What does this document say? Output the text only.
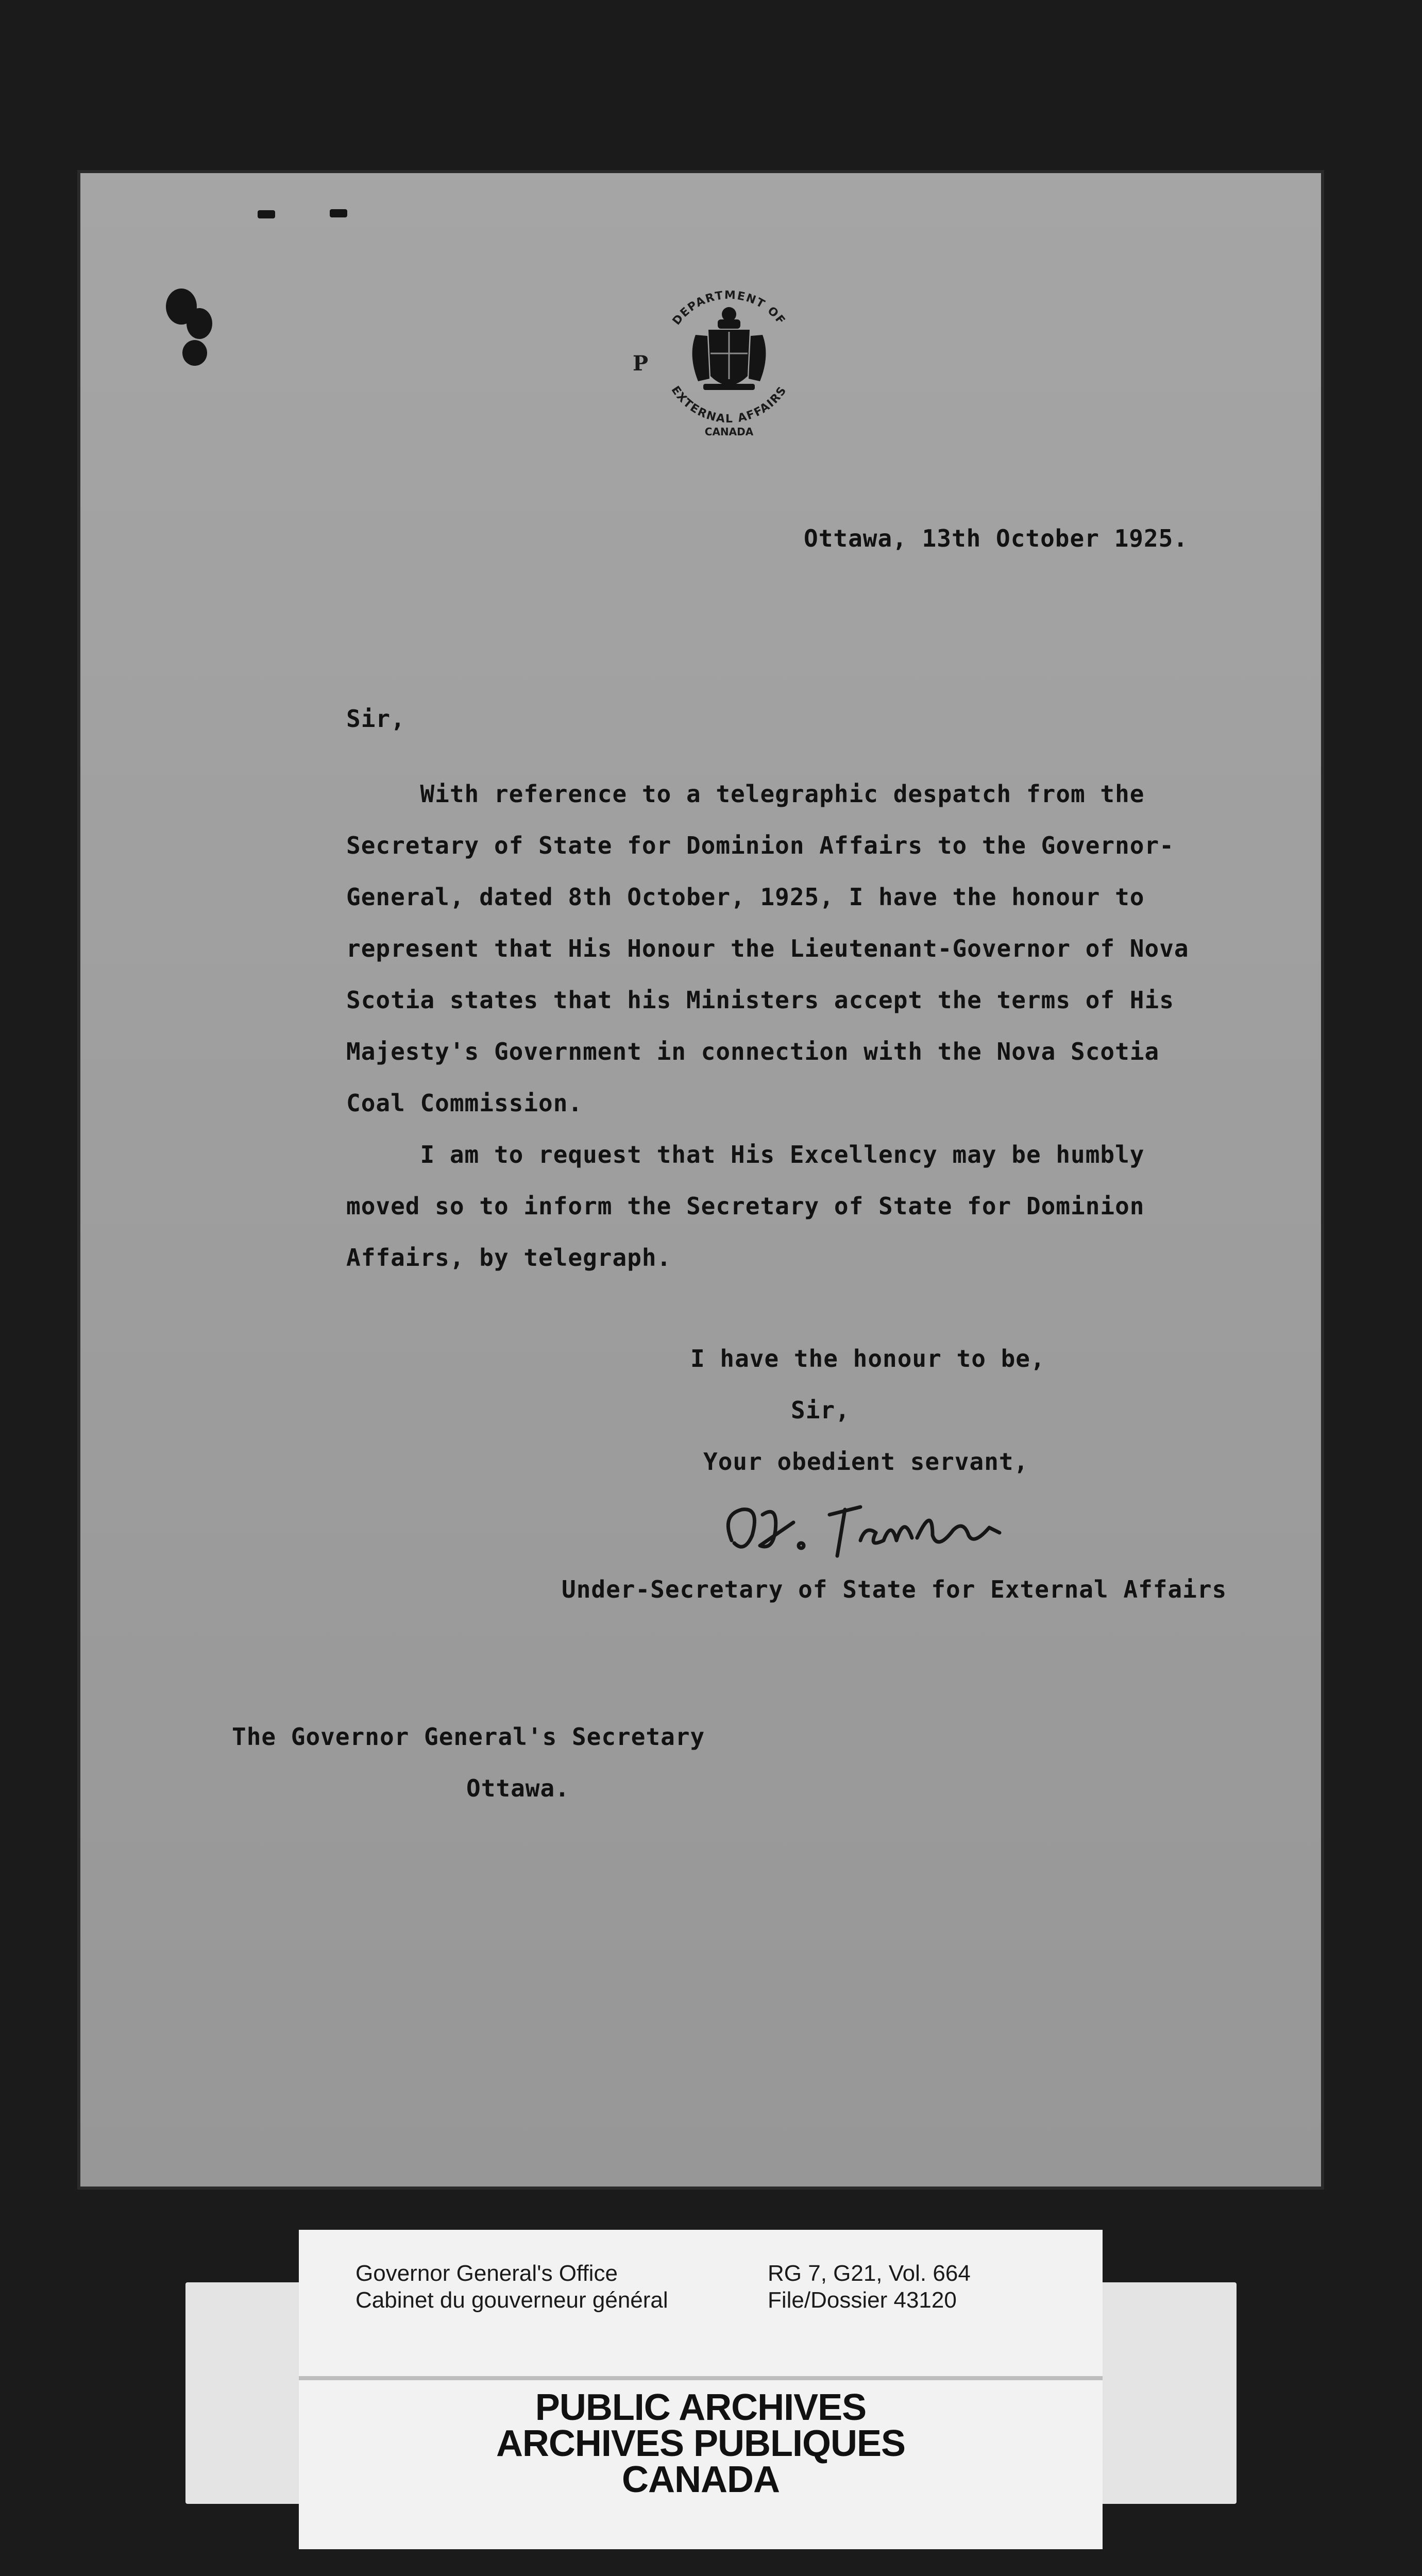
DEPARTMENT OF
EXTERNAL AFFAIRS
CANADA
P
Ottawa, 13th October 1925.
Sir,
With reference to a telegraphic despatch from the
Secretary of State for Dominion Affairs to the Governor-
General, dated 8th October, 1925, I have the honour to
represent that His Honour the Lieutenant-Governor of Nova
Scotia states that his Ministers accept the terms of His
Majesty's Government in connection with the Nova Scotia
Coal Commission.
I am to request that His Excellency may be humbly
moved so to inform the Secretary of State for Dominion
Affairs, by telegraph.
I have the honour to be,
Sir,
Your obedient servant,
Under-Secretary of State for External Affairs
The Governor General's Secretary
Ottawa.
Governor General's Office
Cabinet du gouverneur général
RG 7, G21, Vol. 664
File/Dossier 43120
PUBLIC ARCHIVES
ARCHIVES PUBLIQUES
CANADA
